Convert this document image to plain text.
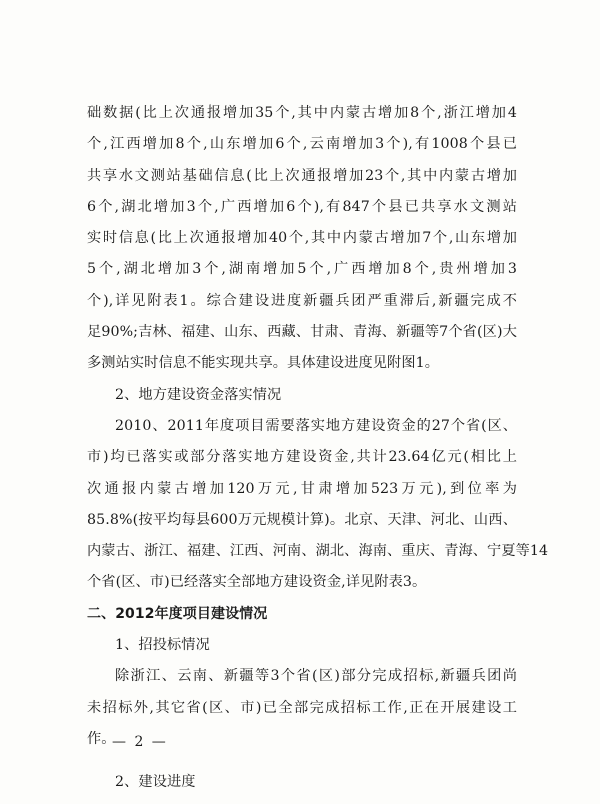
础数据(比上次通报增加35个,其中内蒙古增加8个,浙江增加4
个,江西增加8个,山东增加6个,云南增加3个),有1008个县已
共享水文测站基础信息(比上次通报增加23个,其中内蒙古增加
6个,湖北增加3个,广西增加6个),有847个县已共享水文测站
实时信息(比上次通报增加40个,其中内蒙古增加7个,山东增加
5个,湖北增加3个,湖南增加5个,广西增加8个,贵州增加3
个),详见附表1。综合建设进度新疆兵团严重滞后,新疆完成不
足90%;吉林、福建、山东、西藏、甘肃、青海、新疆等7个省(区)大
多测站实时信息不能实现共享。具体建设进度见附图1。
2、地方建设资金落实情况
2010、2011年度项目需要落实地方建设资金的27个省(区、
市)均已落实或部分落实地方建设资金,共计23.64亿元(相比上
次通报内蒙古增加120万元,甘肃增加523万元),到位率为
85.8%(按平均每县600万元规模计算)。北京、天津、河北、山西、
内蒙古、浙江、福建、江西、河南、湖北、海南、重庆、青海、宁夏等14
个省(区、市)已经落实全部地方建设资金,详见附表3。
二、2012年度项目建设情况
1、招投标情况
除浙江、云南、新疆等3个省(区)部分完成招标,新疆兵团尚
未招标外,其它省(区、市)已全部完成招标工作,正在开展建设工
作。
2、建设进度
— 2 —
